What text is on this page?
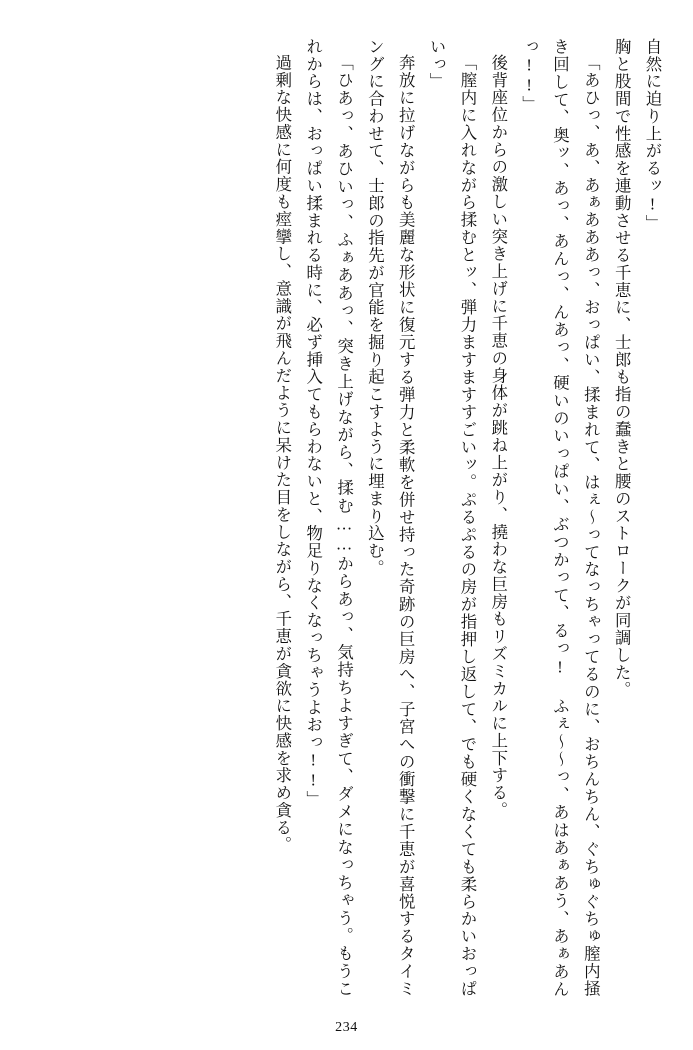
自然に迫り上がるッ!」

胸と股間で性感を連動させる千恵に、士郎も指の蠢きと腰のストロークが同調した。

「あひっ、あ、あぁあああっ、おっぱい、揉まれて、はぇ〜ってなっちゃってるのに、おちんちん、ぐちゅぐちゅ膣内掻き回して、奥ッ、あっ、あんっ、んあっ、硬いのいっぱい、ぶつかって、るっ! ふぇ〜〜っ、あはあぁあう、あぁあんっ!!」

後背座位からの激しい突き上げに千恵の身体が跳ね上がり、撓わな巨房もリズミカルに上下する。

「膣内に入れながら揉むとッ、弾力ますますすごいッ。ぷるぷるの房が指押し返して、でも硬くなくても柔らかいおっぱいっ」

奔放に拉げながらも美麗な形状に復元する弾力と柔軟を併せ持った奇跡の巨房へ、子宮への衝撃に千恵が喜悦するタイミングに合わせて、士郎の指先が官能を掘り起こすように埋まり込む。

「ひあっ、あひいっ、ふぁああっ、突き上げながら、揉む……からあっ、気持ちよすぎて、ダメになっちゃう。もうこれからは、おっぱい揉まれる時に、必ず挿入てもらわないと、物足りなくなっちゃうよおっ!!」

過剰な快感に何度も痙攣し、意識が飛んだように呆けた目をしながら、千恵が貪欲に快感を求め貪る。

234
